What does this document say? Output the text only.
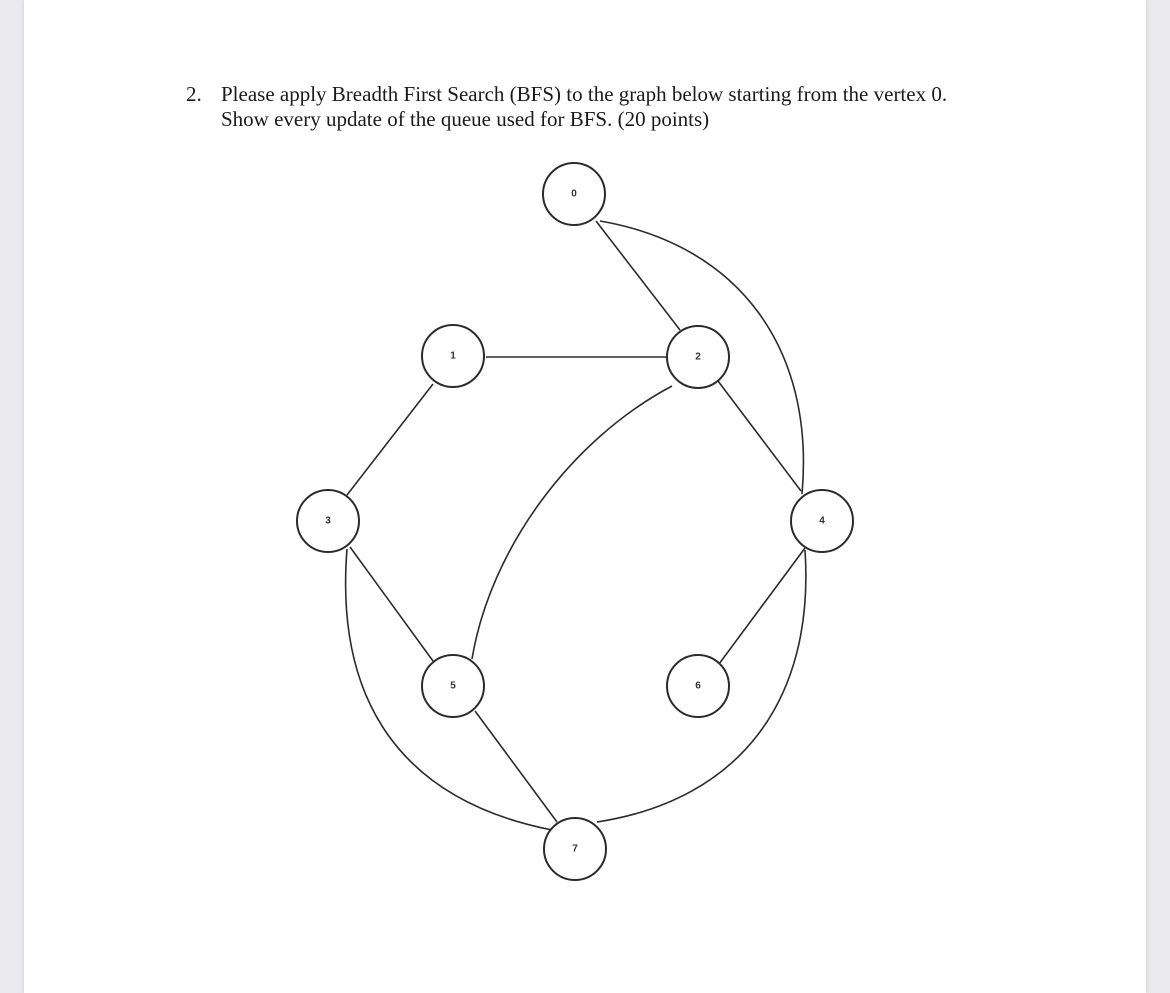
2. Please apply Breadth First Search (BFS) to the graph below starting from the vertex 0.
Show every update of the queue used for BFS. (20 points)
0
1	2
3	4
5	6
7
